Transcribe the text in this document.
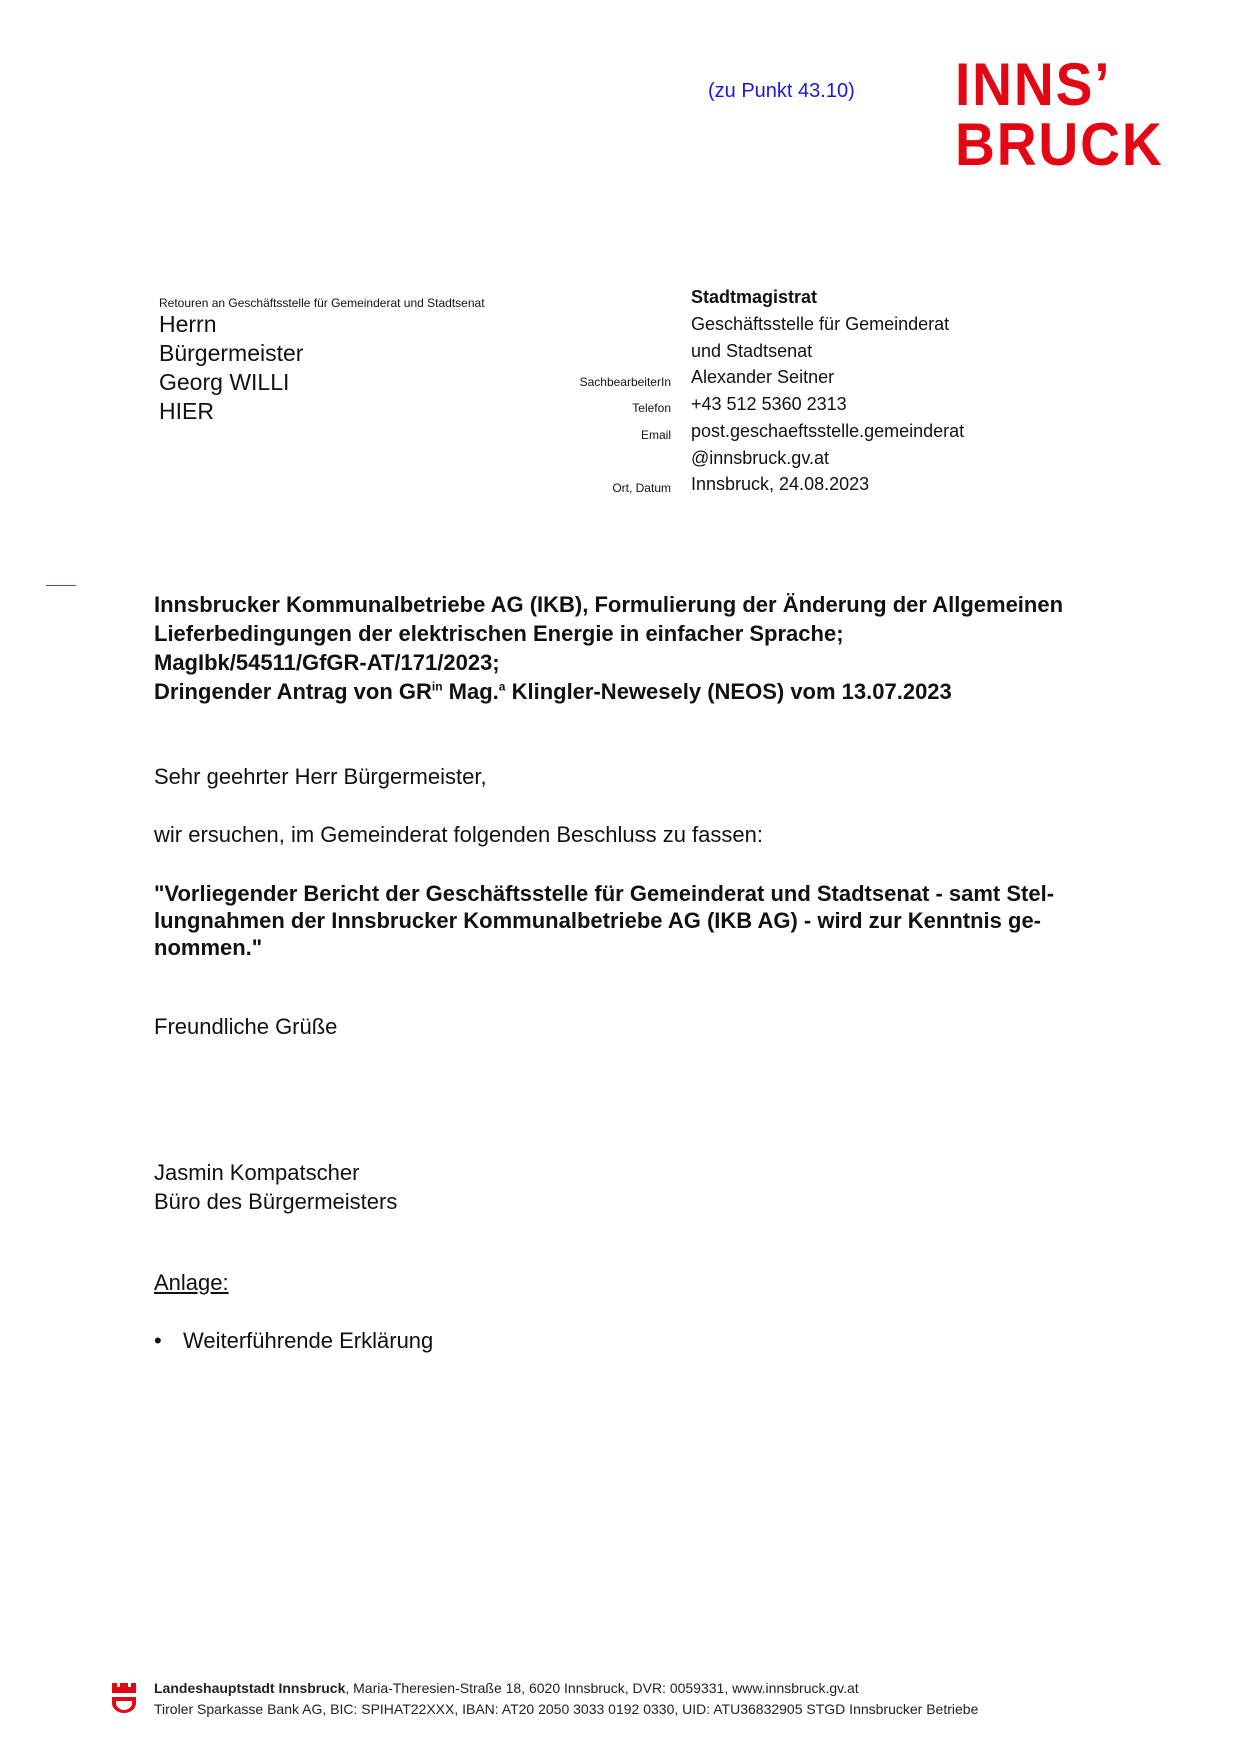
(zu Punkt 43.10) INNS’
BRUCK
Retouren an Geschäftsstelle für Gemeinderat und Stadtsenat
Herrn
Bürgermeister
Georg WILLI
HIER
Stadtmagistrat
Geschäftsstelle für Gemeinderat
und Stadtsenat
SachbearbeiterIn Alexander Seitner
Telefon +43 512 5360 2313
Email post.geschaeftsstelle.gemeinderat
@innsbruck.gv.at
Ort, Datum Innsbruck, 24.08.2023
Innsbrucker Kommunalbetriebe AG (IKB), Formulierung der Änderung der Allgemeinen
Lieferbedingungen der elektrischen Energie in einfacher Sprache;
MagIbk/54511/GfGR-AT/171/2023;
Dringender Antrag von $GR^{in}$ Mag.$^a$ Klingler-Newesely (NEOS) vom 13.07.2023
Sehr geehrter Herr Bürgermeister,
wir ersuchen, im Gemeinderat folgenden Beschluss zu fassen:
"Vorliegender Bericht der Geschäftsstelle für Gemeinderat und Stadtsenat - samt Stel-
lungnahmen der Innsbrucker Kommunalbetriebe AG (IKB AG) - wird zur Kenntnis ge-
nommen."
Freundliche Grüße
Jasmin Kompatscher
Büro des Bürgermeisters
Anlage:
• Weiterführende Erklärung
Landeshauptstadt Innsbruck, Maria-Theresien-Straße 18, 6020 Innsbruck, DVR: 0059331, www.innsbruck.gv.at
Tiroler Sparkasse Bank AG, BIC: SPIHAT22XXX, IBAN: AT20 2050 3033 0192 0330, UID: ATU36832905 STGD Innsbrucker Betriebe
